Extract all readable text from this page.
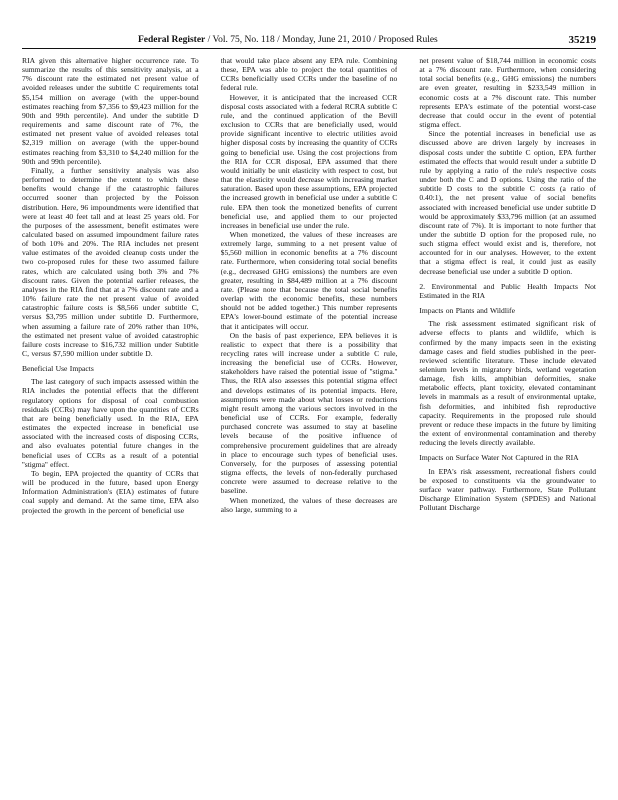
Federal Register / Vol. 75, No. 118 / Monday, June 21, 2010 / Proposed Rules	35219

RIA given this alternative higher occurrence rate. To summarize the results of this sensitivity analysis, at a 7% discount rate the estimated net present value of avoided releases under the subtitle C requirements total $5,154 million on average (with the upper-bound estimates reaching from $7,356 to $9,423 million for the 90th and 99th percentile). And under the subtitle D requirements and same discount rate of 7%, the estimated net present value of avoided releases total $2,319 million on average (with the upper-bound estimates reaching from $3,310 to $4,240 million for the 90th and 99th percentile).

Finally, a further sensitivity analysis was also performed to determine the extent to which these benefits would change if the catastrophic failures occurred sooner than projected by the Poisson distribution. Here, 96 impoundments were identified that were at least 40 feet tall and at least 25 years old. For the purposes of the assessment, benefit estimates were calculated based on assumed impoundment failure rates of both 10% and 20%. The RIA includes net present value estimates of the avoided cleanup costs under the two co-proposed rules for these two assumed failure rates, which are calculated using both 3% and 7% discount rates. Given the potential earlier releases, the analyses in the RIA find that at a 7% discount rate and a 10% failure rate the net present value of avoided catastrophic failure costs is $8,566 under subtitle C, versus $3,795 million under subtitle D. Furthermore, when assuming a failure rate of 20% rather than 10%, the estimated net present value of avoided catastrophic failure costs increase to $16,732 million under Subtitle C, versus $7,590 million under subtitle D.

Beneficial Use Impacts

The last category of such impacts assessed within the RIA includes the potential effects that the different regulatory options for disposal of coal combustion residuals (CCRs) may have upon the quantities of CCRs that are being beneficially used. In the RIA, EPA estimates the expected increase in beneficial use associated with the increased costs of disposing CCRs, and also evaluates potential future changes in the beneficial uses of CCRs as a result of a potential ''stigma'' effect.

To begin, EPA projected the quantity of CCRs that will be produced in the future, based upon Energy Information Administration's (EIA) estimates of future coal supply and demand. At the same time, EPA also projected the growth in the percent of beneficial use

that would take place absent any EPA rule. Combining these, EPA was able to project the total quantities of CCRs beneficially used CCRs under the baseline of no federal rule.

However, it is anticipated that the increased CCR disposal costs associated with a federal RCRA subtitle C rule, and the continued application of the Bevill exclusion to CCRs that are beneficially used, would provide significant incentive to electric utilities avoid higher disposal costs by increasing the quantity of CCRs going to beneficial use. Using the cost projections from the RIA for CCR disposal, EPA assumed that there would initially be unit elasticity with respect to cost, but that the elasticity would decrease with increasing market saturation. Based upon these assumptions, EPA projected the increased growth in beneficial use under a subtitle C rule. EPA then took the monetized benefits of current beneficial use, and applied them to our projected increases in beneficial use under the rule.

When monetized, the values of these increases are extremely large, summing to a net present value of $5,560 million in economic benefits at a 7% discount rate. Furthermore, when considering total social benefits (e.g., decreased GHG emissions) the numbers are even greater, resulting in $84,489 million at a 7% discount rate. (Please note that because the total social benefits overlap with the economic benefits, these numbers should not be added together.) This number represents EPA's lower-bound estimate of the potential increase that it anticipates will occur.

On the basis of past experience, EPA believes it is realistic to expect that there is a possibility that recycling rates will increase under a subtitle C rule, increasing the beneficial use of CCRs. However, stakeholders have raised the potential issue of ''stigma.'' Thus, the RIA also assesses this potential stigma effect and develops estimates of its potential impacts. Here, assumptions were made about what losses or reductions might result among the various sectors involved in the beneficial use of CCRs. For example, federally purchased concrete was assumed to stay at baseline levels because of the positive influence of comprehensive procurement guidelines that are already in place to encourage such types of beneficial uses. Conversely, for the purposes of assessing potential stigma effects, the levels of non-federally purchased concrete were assumed to decrease relative to the baseline.

When monetized, the values of these decreases are also large, summing to a

net present value of $18,744 million in economic costs at a 7% discount rate. Furthermore, when considering total social benefits (e.g., GHG emissions) the numbers are even greater, resulting in $233,549 million in economic costs at a 7% discount rate. This number represents EPA's estimate of the potential worst-case decrease that could occur in the event of potential stigma effect.

Since the potential increases in beneficial use as discussed above are driven largely by increases in disposal costs under the subtitle C option, EPA further estimated the effects that would result under a subtitle D rule by applying a ratio of the rule's respective costs under both the C and D options. Using the ratio of the subtitle D costs to the subtitle C costs (a ratio of 0.40:1), the net present value of social benefits associated with increased beneficial use under subtitle D would be approximately $33,796 million (at an assumed discount rate of 7%). It is important to note further that under the subtitle D option for the proposed rule, no such stigma effect would exist and is, therefore, not accounted for in our analyses. However, to the extent that a stigma effect is real, it could just as easily decrease beneficial use under a subtitle D option.

2. Environmental and Public Health Impacts Not Estimated in the RIA

Impacts on Plants and Wildlife

The risk assessment estimated significant risk of adverse effects to plants and wildlife, which is confirmed by the many impacts seen in the existing damage cases and field studies published in the peer-reviewed scientific literature. These include elevated selenium levels in migratory birds, wetland vegetation damage, fish kills, amphibian deformities, snake metabolic effects, plant toxicity, elevated contaminant levels in mammals as a result of environmental uptake, fish deformities, and inhibited fish reproductive capacity. Requirements in the proposed rule should prevent or reduce these impacts in the future by limiting the extent of environmental contamination and thereby reducing the levels directly available.

Impacts on Surface Water Not Captured in the RIA

In EPA's risk assessment, recreational fishers could be exposed to constituents via the groundwater to surface water pathway. Furthermore, State Pollutant Discharge Elimination System (SPDES) and National Pollutant Discharge
